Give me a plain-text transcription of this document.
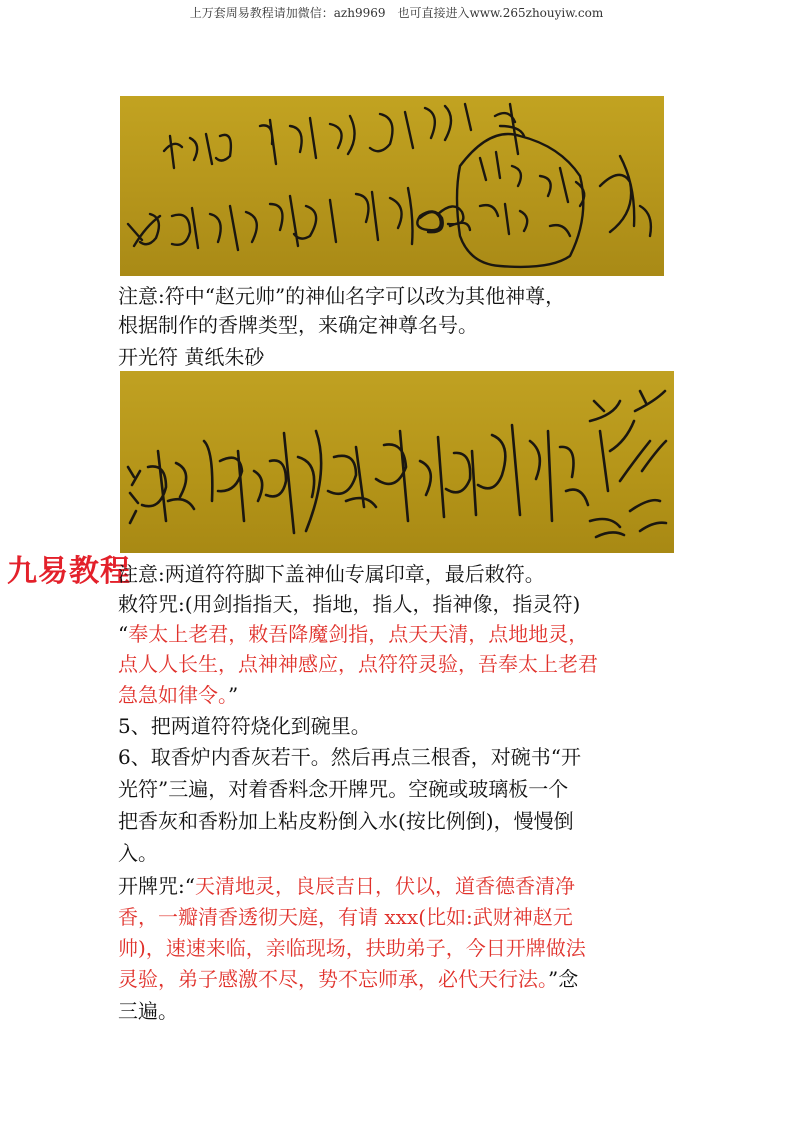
上万套周易教程请加微信：azh9969　也可直接进入www.265zhouyiw.com
注意:符中“赵元帅”的神仙名字可以改为其他神尊，
根据制作的香牌类型，来确定神尊名号。
开光符 黄纸朱砂
九易教程
注意:两道符符脚下盖神仙专属印章，最后敕符。
敕符咒:(用剑指指天，指地，指人，指神像，指灵符)
“奉太上老君，敕吾降魔剑指，点天天清，点地地灵，
点人人长生，点神神感应，点符符灵验，吾奉太上老君
急急如律令。”
5、把两道符符烧化到碗里。
6、取香炉内香灰若干。然后再点三根香，对碗书“开
光符”三遍，对着香料念开牌咒。空碗或玻璃板一个
把香灰和香粉加上粘皮粉倒入水(按比例倒)，慢慢倒
入。
开牌咒:“天清地灵，良辰吉日，伏以，道香德香清净
香，一瓣清香透彻天庭，有请 xxx(比如:武财神赵元
帅)，速速来临，亲临现场，扶助弟子，今日开牌做法
灵验，弟子感激不尽，势不忘师承，必代天行法。”念
三遍。
